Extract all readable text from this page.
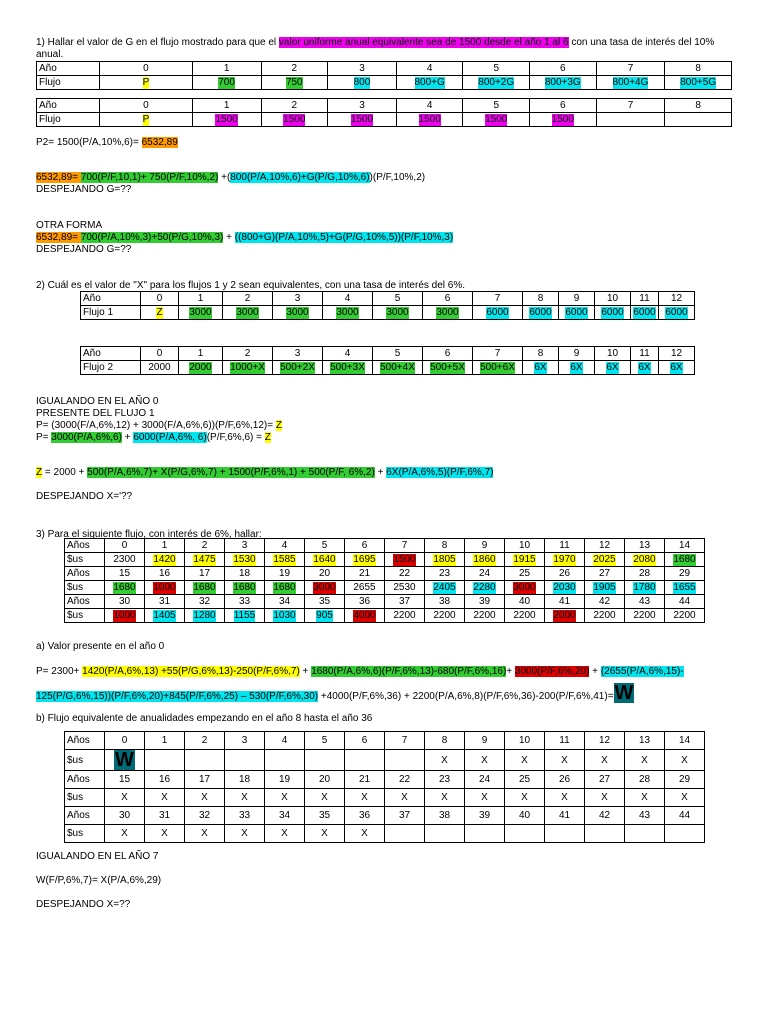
1) Hallar el valor de G en el flujo mostrado para que el valor uniforme anual equivalente sea de 1500 desde el año 1 al 6 con una tasa de interés del 10%
anual.
Año	0	1	2	3	4	5	6	7	8
Flujo	P	700	750	800	800+G	800+2G	800+3G	800+4G	800+5G
Año	0	1	2	3	4	5	6	7	8
Flujo	P	1500	1500	1500	1500	1500	1500		
P2= 1500(P/A,10%,6)= 6532,89
6532,89= 700(P/F,10,1)+ 750(P/F,10%,2) +(800(P/A,10%,6)+G(P/G,10%,6))(P/F,10%,2)
DESPEJANDO G=??
OTRA FORMA
6532,89= 700(P/A,10%,3)+50(P/G,10%,3) + ((800+G)(P/A,10%,5)+G(P/G,10%,5))(P/F,10%,3)
DESPEJANDO G=??
2) Cuál es el valor de "X" para los flujos 1 y 2 sean equivalentes, con una tasa de interés del 6%.
Año	0	1	2	3	4	5	6	7	8	9	10	11	12
Flujo 1	Z	3000	3000	3000	3000	3000	3000	6000	6000	6000	6000	6000	6000
Año	0	1	2	3	4	5	6	7	8	9	10	11	12
Flujo 2	2000	2000	1000+X	500+2X	500+3X	500+4X	500+5X	500+6X	6X	6X	6X	6X	6X
IGUALANDO EN EL AÑO 0
PRESENTE DEL FLUJO 1
P= (3000(F/A,6%,12) + 3000(F/A,6%,6))(P/F,6%,12)= Z
P= 3000(P/A,6%,6) + 6000(P/A,6%, 6)(P/F,6%,6) = Z
Z = 2000 + 500(P/A,6%,7)+ X(P/G,6%,7) + 1500(P/F,6%,1) + 500(P/F, 6%,2) + 6X(P/A,6%,5)(P/F,6%,7)
DESPEJANDO X='??
3) Para el siguiente flujo, con interés de 6%, hallar:
Años	0	1	2	3	4	5	6	7	8	9	10	11	12	13	14
$us	2300	1420	1475	1530	1585	1640	1695	1500	1805	1860	1915	1970	2025	2080	1680
Años	15	16	17	18	19	20	21	22	23	24	25	26	27	28	29
$us	1680	1000	1680	1680	1680	3000	2655	2530	2405	2280	3000	2030	1905	1780	1655
Años	30	31	32	33	34	35	36	37	38	39	40	41	42	43	44
$us	1000	1405	1280	1155	1030	905	4000	2200	2200	2200	2200	2000	2200	2200	2200
a) Valor presente en el año 0
P= 2300+ 1420(P/A,6%,13) +55(P/G,6%,13)-250(P/F,6%,7) + 1680(P/A,6%,6)(P/F,6%,13)-680(P/F,6%,16)+ 3000(P/F,6%,20) + (2655(P/A,6%,15)-
125(P/G,6%,15))(P/F,6%,20)+845(P/F,6%,25) – 530(P/F,6%,30) +4000(P/F,6%,36) + 2200(P/A,6%,8)(P/F,6%,36)-200(P/F,6%,41)=W
b) Flujo equivalente de anualidades empezando en el año 8 hasta el año 36
Años	0	1	2	3	4	5	6	7	8	9	10	11	12	13	14
$us	W								X	X	X	X	X	X	X
Años	15	16	17	18	19	20	21	22	23	24	25	26	27	28	29
$us	X	X	X	X	X	X	X	X	X	X	X	X	X	X	X
Años	30	31	32	33	34	35	36	37	38	39	40	41	42	43	44
$us	X	X	X	X	X	X	X								
IGUALANDO EN EL AÑO 7
W(F/P,6%,7)= X(P/A,6%,29)
DESPEJANDO X=??
